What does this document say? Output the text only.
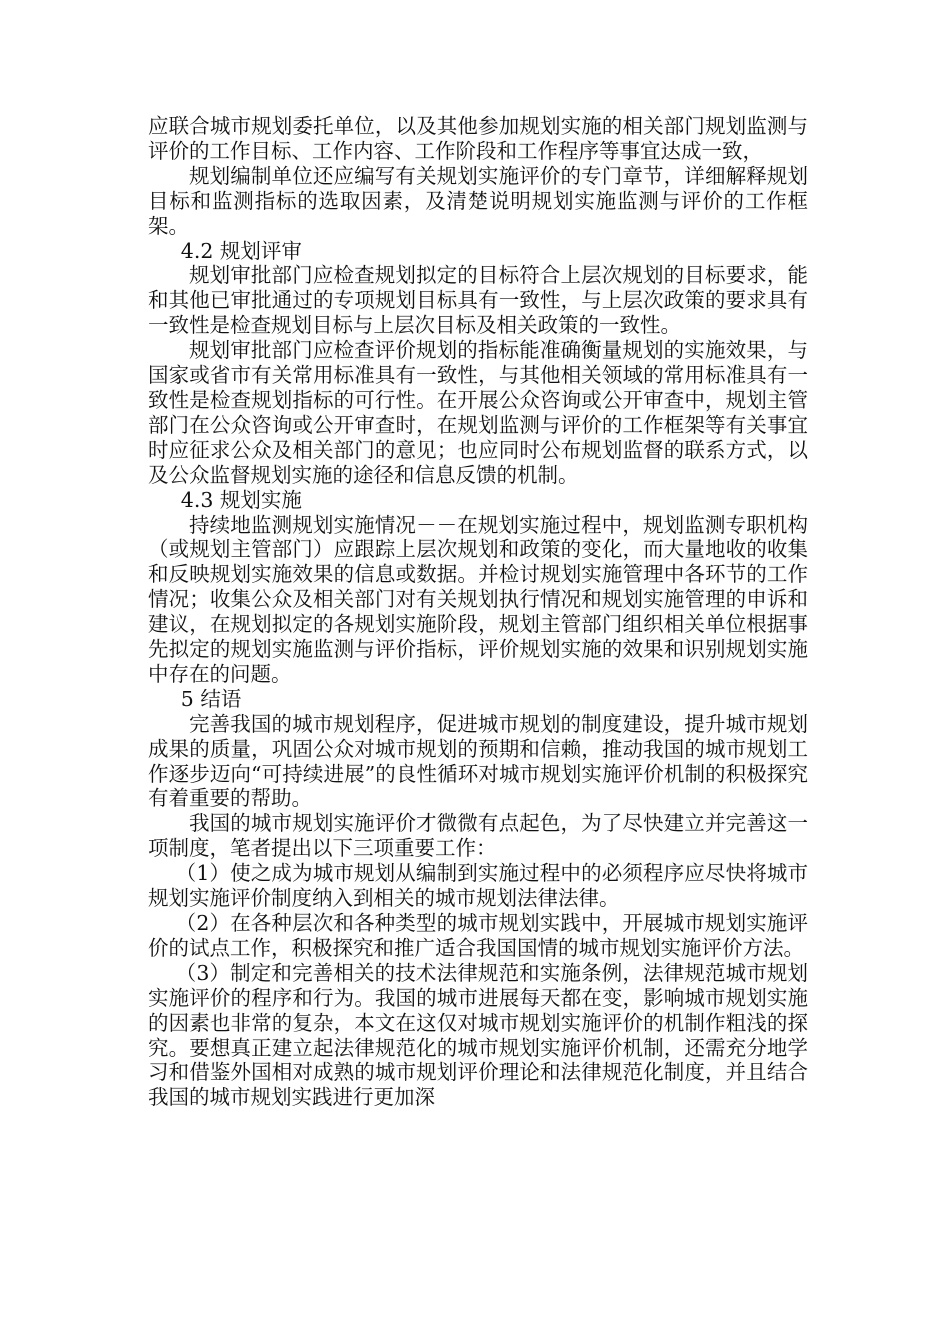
应联合城市规划委托单位，以及其他参加规划实施的相关部门规划监测与评价的工作目标、工作内容、工作阶段和工作程序等事宜达成一致，

规划编制单位还应编写有关规划实施评价的专门章节，详细解释规划目标和监测指标的选取因素，及清楚说明规划实施监测与评价的工作框架。

4.2 规划评审

规划审批部门应检查规划拟定的目标符合上层次规划的目标要求，能和其他已审批通过的专项规划目标具有一致性，与上层次政策的要求具有一致性是检查规划目标与上层次目标及相关政策的一致性。

规划审批部门应检查评价规划的指标能准确衡量规划的实施效果，与国家或省市有关常用标准具有一致性，与其他相关领域的常用标准具有一致性是检查规划指标的可行性。在开展公众咨询或公开审查中，规划主管部门在公众咨询或公开审查时，在规划监测与评价的工作框架等有关事宜时应征求公众及相关部门的意见；也应同时公布规划监督的联系方式，以及公众监督规划实施的途径和信息反馈的机制。

4.3 规划实施

持续地监测规划实施情况－－在规划实施过程中，规划监测专职机构（或规划主管部门）应跟踪上层次规划和政策的变化，而大量地收的收集和反映规划实施效果的信息或数据。并检讨规划实施管理中各环节的工作情况；收集公众及相关部门对有关规划执行情况和规划实施管理的申诉和建议，在规划拟定的各规划实施阶段，规划主管部门组织相关单位根据事先拟定的规划实施监测与评价指标，评价规划实施的效果和识别规划实施中存在的问题。

5 结语

完善我国的城市规划程序，促进城市规划的制度建设，提升城市规划成果的质量，巩固公众对城市规划的预期和信赖，推动我国的城市规划工作逐步迈向“可持续进展”的良性循环对城市规划实施评价机制的积极探究有着重要的帮助。

我国的城市规划实施评价才微微有点起色，为了尽快建立并完善这一项制度，笔者提出以下三项重要工作：

（1）使之成为城市规划从编制到实施过程中的必须程序应尽快将城市规划实施评价制度纳入到相关的城市规划法律法律。

（2）在各种层次和各种类型的城市规划实践中，开展城市规划实施评价的试点工作，积极探究和推广适合我国国情的城市规划实施评价方法。

（3）制定和完善相关的技术法律规范和实施条例，法律规范城市规划实施评价的程序和行为。我国的城市进展每天都在变，影响城市规划实施的因素也非常的复杂，本文在这仅对城市规划实施评价的机制作粗浅的探究。要想真正建立起法律规范化的城市规划实施评价机制，还需充分地学习和借鉴外国相对成熟的城市规划评价理论和法律规范化制度，并且结合我国的城市规划实践进行更加深
